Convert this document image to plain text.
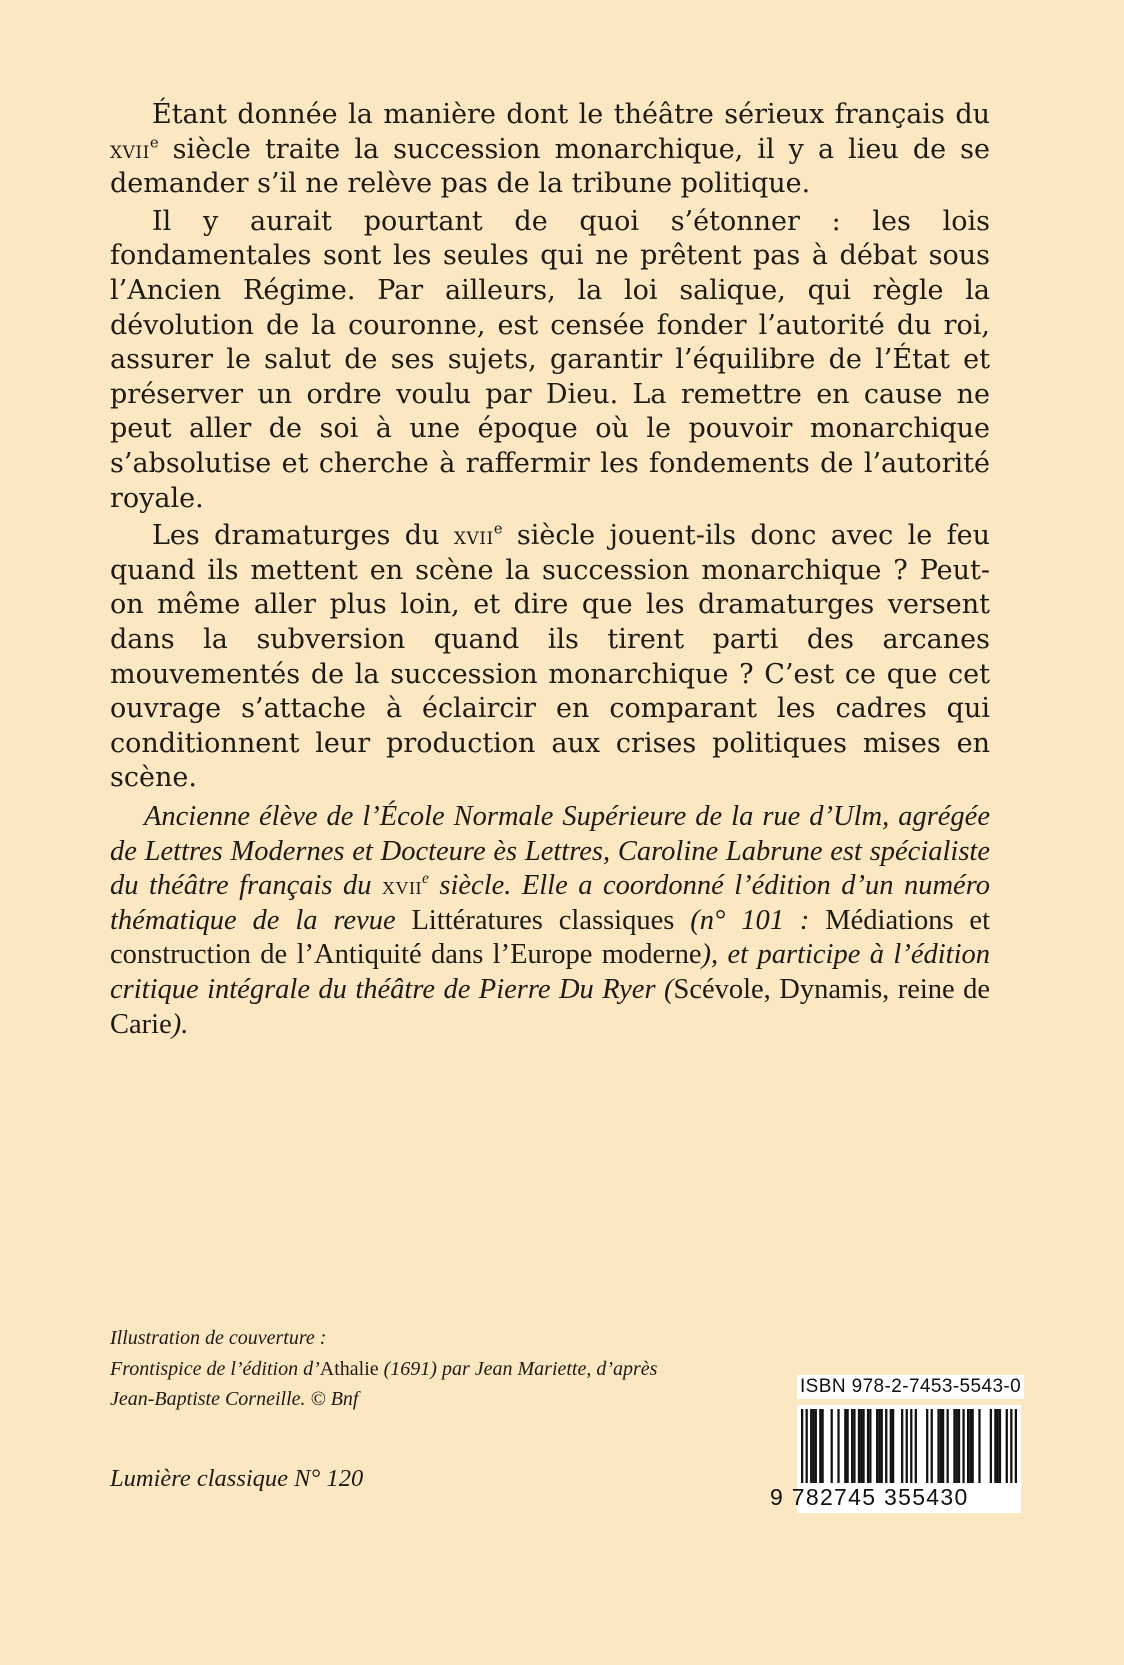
Étant donnée la manière dont le théâtre sérieux français du xvii$^e$ siècle traite la succession monarchique, il y a lieu de se demander s’il ne relève pas de la tribune politique.

Il y aurait pourtant de quoi s’étonner : les lois fondamentales sont les seules qui ne prêtent pas à débat sous l’Ancien Régime. Par ailleurs, la loi salique, qui règle la dévolution de la couronne, est censée fonder l’autorité du roi, assurer le salut de ses sujets, garantir l’équilibre de l’État et préserver un ordre voulu par Dieu. La remettre en cause ne peut aller de soi à une époque où le pouvoir monarchique s’absolutise et cherche à raffermir les fondements de l’autorité royale.

Les dramaturges du xvii$^e$ siècle jouent-ils donc avec le feu quand ils mettent en scène la succession monarchique ? Peut-on même aller plus loin, et dire que les dramaturges versent dans la subversion quand ils tirent parti des arcanes mouvementés de la succession monarchique ? C’est ce que cet ouvrage s’attache à éclaircir en comparant les cadres qui conditionnent leur production aux crises politiques mises en scène.

Ancienne élève de l’École Normale Supérieure de la rue d’Ulm, agrégée de Lettres Modernes et Docteure ès Lettres, Caroline Labrune est spécialiste du théâtre français du xvii$^e$ siècle. Elle a coordonné l’édition d’un numéro thématique de la revue Littératures classiques (n° 101 : Médiations et construction de l’Antiquité dans l’Europe moderne), et participe à l’édition critique intégrale du théâtre de Pierre Du Ryer (Scévole, Dynamis, reine de Carie).

Illustration de couverture :
Frontispice de l’édition d’Athalie (1691) par Jean Mariette, d’après
Jean-Baptiste Corneille. © Bnf
Lumière classique N° 120
ISBN 978-2-7453-5543-0
9 782745 355430
